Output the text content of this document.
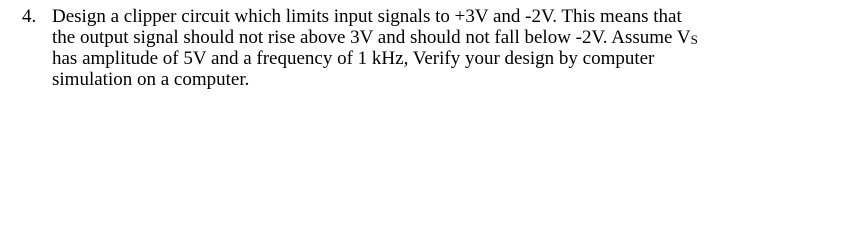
4. Design a clipper circuit which limits input signals to +3V and -2V. This means that
the output signal should not rise above 3V and should not fall below -2V. Assume VS
has amplitude of 5V and a frequency of 1 kHz, Verify your design by computer
simulation on a computer.
